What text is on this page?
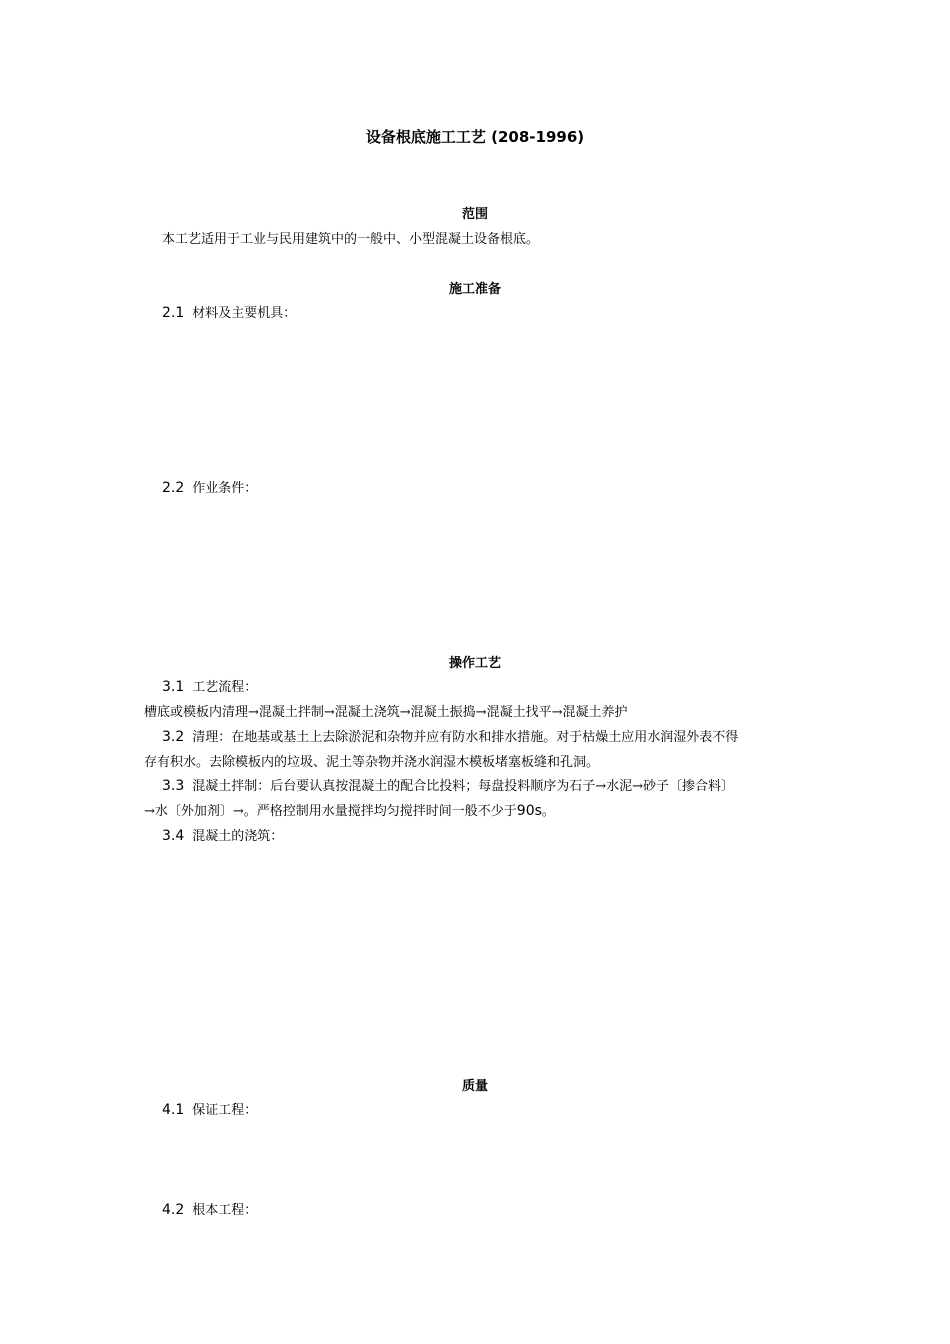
设备根底施工工艺 (208-1996)
范围
本工艺适用于工业与民用建筑中的一般中、小型混凝土设备根底。
施工准备
2.1 材料及主要机具：
2.2 作业条件：
操作工艺
3.1 工艺流程：
槽底或模板内清理→混凝土拌制→混凝土浇筑→混凝土振捣→混凝土找平→混凝土养护
3.2 清理：在地基或基土上去除淤泥和杂物并应有防水和排水措施。对于枯燥土应用水润湿外表不得
存有积水。去除模板内的垃圾、泥土等杂物并浇水润湿木模板堵塞板缝和孔洞。
3.3 混凝土拌制：后台要认真按混凝土的配合比投料；每盘投料顺序为石子→水泥→砂子〔掺合料〕
→水〔外加剂〕→。严格控制用水量搅拌均匀搅拌时间一般不少于90s。
3.4 混凝土的浇筑：
质量
4.1 保证工程：
4.2 根本工程：
